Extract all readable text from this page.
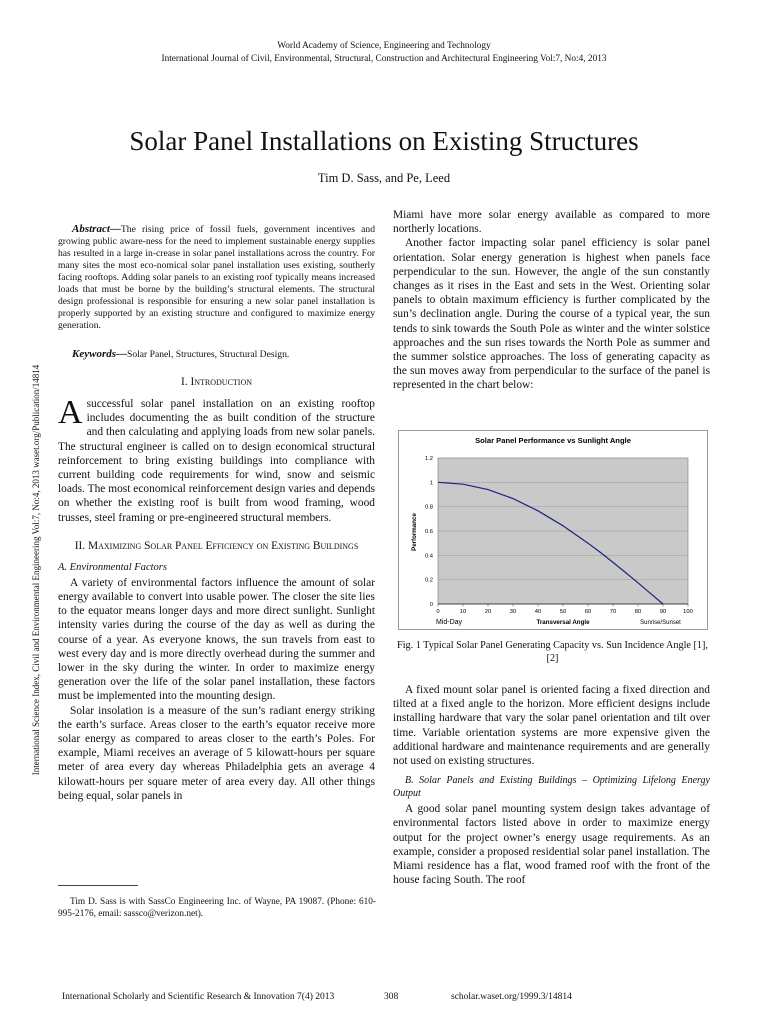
World Academy of Science, Engineering and Technology
International Journal of Civil, Environmental, Structural, Construction and Architectural Engineering Vol:7, No:4, 2013
Solar Panel Installations on Existing Structures
Tim D. Sass, and Pe, Leed
International Science Index, Civil and Environmental Engineering Vol:7, No:4, 2013 waset.org/Publication/14814

Abstract—The rising price of fossil fuels, government incentives and growing public aware-ness for the need to implement sustainable energy supplies has resulted in a large in-crease in solar panel installations across the country. For many sites the most eco-nomical solar panel installation uses existing, southerly facing rooftops. Adding solar panels to an existing roof typically means increased loads that must be borne by the building’s structural elements. The structural design professional is responsible for ensuring a new solar panel installation is properly supported by an existing structure and configured to maximize energy generation.

Keywords—Solar Panel, Structures, Structural Design.

I. Introduction

Asuccessful solar panel installation on an existing rooftop includes documenting the as built condition of the structure and then calculating and applying loads from new solar panels. The structural engineer is called on to design economical structural reinforcement to bring existing buildings into compliance with current building code requirements for wind, snow and seismic loads. The most economical reinforcement design varies and depends on whether the existing roof is built from wood framing, wood trusses, steel framing or pre-engineered structural members.

II. Maximizing Solar Panel Efficiency on Existing Buildings
A. Environmental Factors

A variety of environmental factors influence the amount of solar energy available to convert into usable power. The closer the site lies to the equator means longer days and more direct sunlight. Sunlight intensity varies during the course of the day as well as during the course of a year. As everyone knows, the sun travels from east to west every day and is more directly overhead during the summer and lower in the sky during the winter. In order to maximize energy generation over the life of the solar panel installation, these factors must be implemented into the mounting design.

Solar insolation is a measure of the sun’s radiant energy striking the earth’s surface. Areas closer to the earth’s equator receive more solar energy as compared to areas closer to the earth’s Poles. For example, Miami receives an average of 5 kilowatt-hours per square meter of area every day whereas Philadelphia gets an average 4 kilowatt-hours per square meter of area every day. All other things being equal, solar panels in

Tim D. Sass is with SassCo Engineering Inc. of Wayne, PA 19087. (Phone: 610-995-2176, email: sassco@verizon.net).

Miami have more solar energy available as compared to more northerly locations.

Another factor impacting solar panel efficiency is solar panel orientation. Solar energy generation is highest when panels face perpendicular to the sun. However, the angle of the sun constantly changes as it rises in the East and sets in the West. Orienting solar panels to obtain maximum efficiency is further complicated by the sun’s declination angle. During the course of a typical year, the sun tends to sink towards the South Pole as winter and the winter solstice approaches and the sun rises towards the North Pole as summer and the summer solstice approaches. The loss of generating capacity as the sun moves away from perpendicular to the surface of the panel is represented in the chart below:

Solar Panel Performance vs Sunlight Angle
Performance
Transversal Angle
0
0.2
0.4
0.6
0.8
1
1.2
0	10	20	30	40	50	60	70	80	90	100
Mid-Day	Sunrise/Sunset
Fig. 1 Typical Solar Panel Generating Capacity vs. Sun Incidence Angle [1], [2]

A fixed mount solar panel is oriented facing a fixed direction and tilted at a fixed angle to the horizon. More efficient designs include installing hardware that vary the solar panel orientation and tilt over time. Variable orientation systems are more expensive given the additional hardware and maintenance requirements and are generally not used on existing structures.

B. Solar Panels and Existing Buildings – Optimizing Lifelong Energy Output

A good solar panel mounting system design takes advantage of environmental factors listed above in order to maximize energy output for the project owner’s energy usage requirements. As an example, consider a proposed residential solar panel installation. The Miami residence has a flat, wood framed roof with the front of the house facing South. The roof

International Scholarly and Scientific Research & Innovation 7(4) 2013	308	scholar.waset.org/1999.3/14814
